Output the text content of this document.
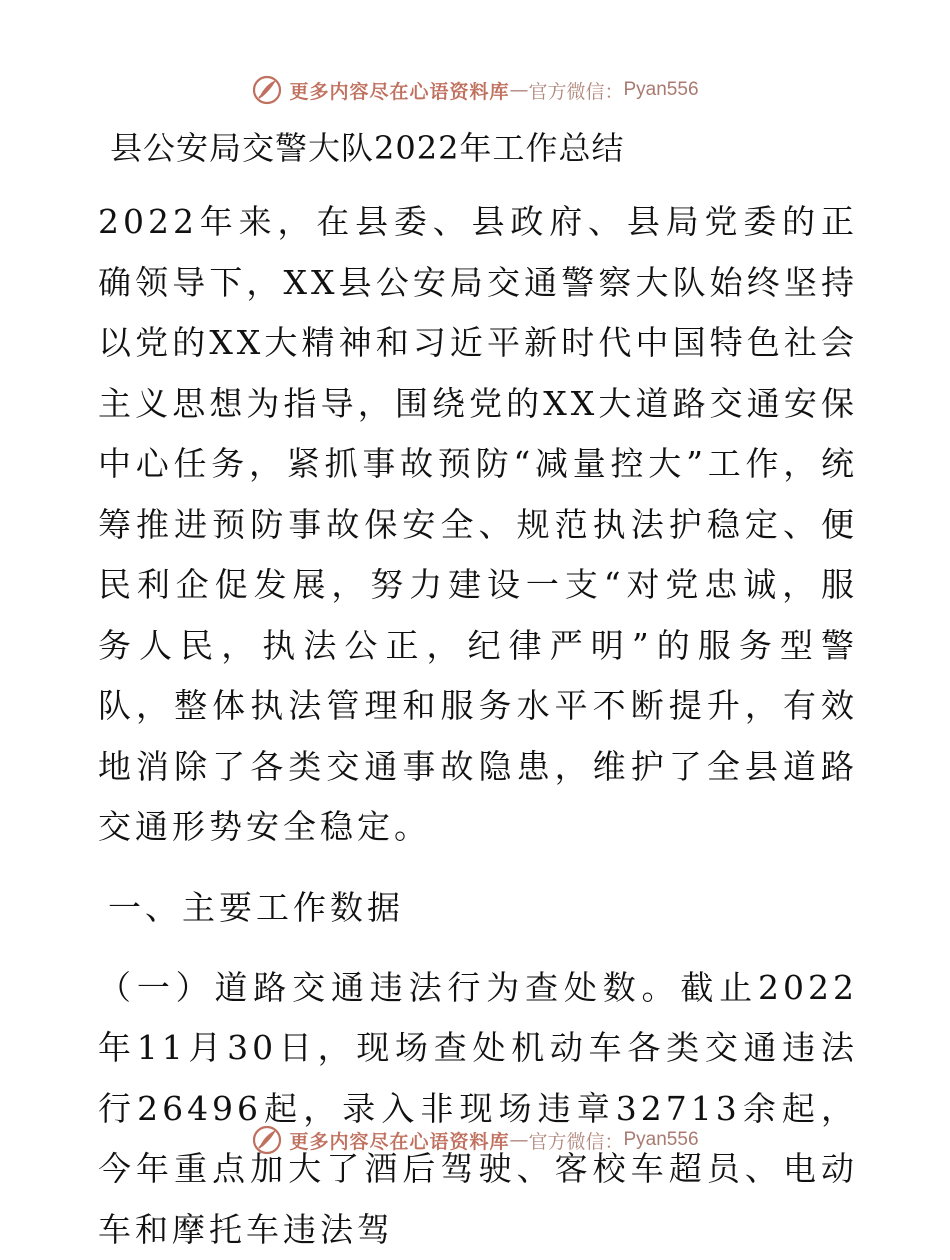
更多内容尽在心语资料库 — 官方微信： Pyan556
县公安局交警大队2022年工作总结

2022年来，在县委、县政府、县局党委的正确领导下，XX县公安局交通警察大队始终坚持以党的XX大精神和习近平新时代中国特色社会主义思想为指导，围绕党的XX大道路交通安保中心任务，紧抓事故预防“减量控大”工作，统筹推进预防事故保安全、规范执法护稳定、便民利企促发展，努力建设一支“对党忠诚，服务人民，执法公正，纪律严明”的服务型警队，整体执法管理和服务水平不断提升，有效地消除了各类交通事故隐患，维护了全县道路交通形势安全稳定。

一、主要工作数据

（一）道路交通违法行为查处数。截止2022年11月30日，现场查处机动车各类交通违法行26496起，录入非现场违章32713余起，今年重点加大了酒后驾驶、客校车超员、电动车和摩托车违法驾

更多内容尽在心语资料库 — 官方微信： Pyan556
